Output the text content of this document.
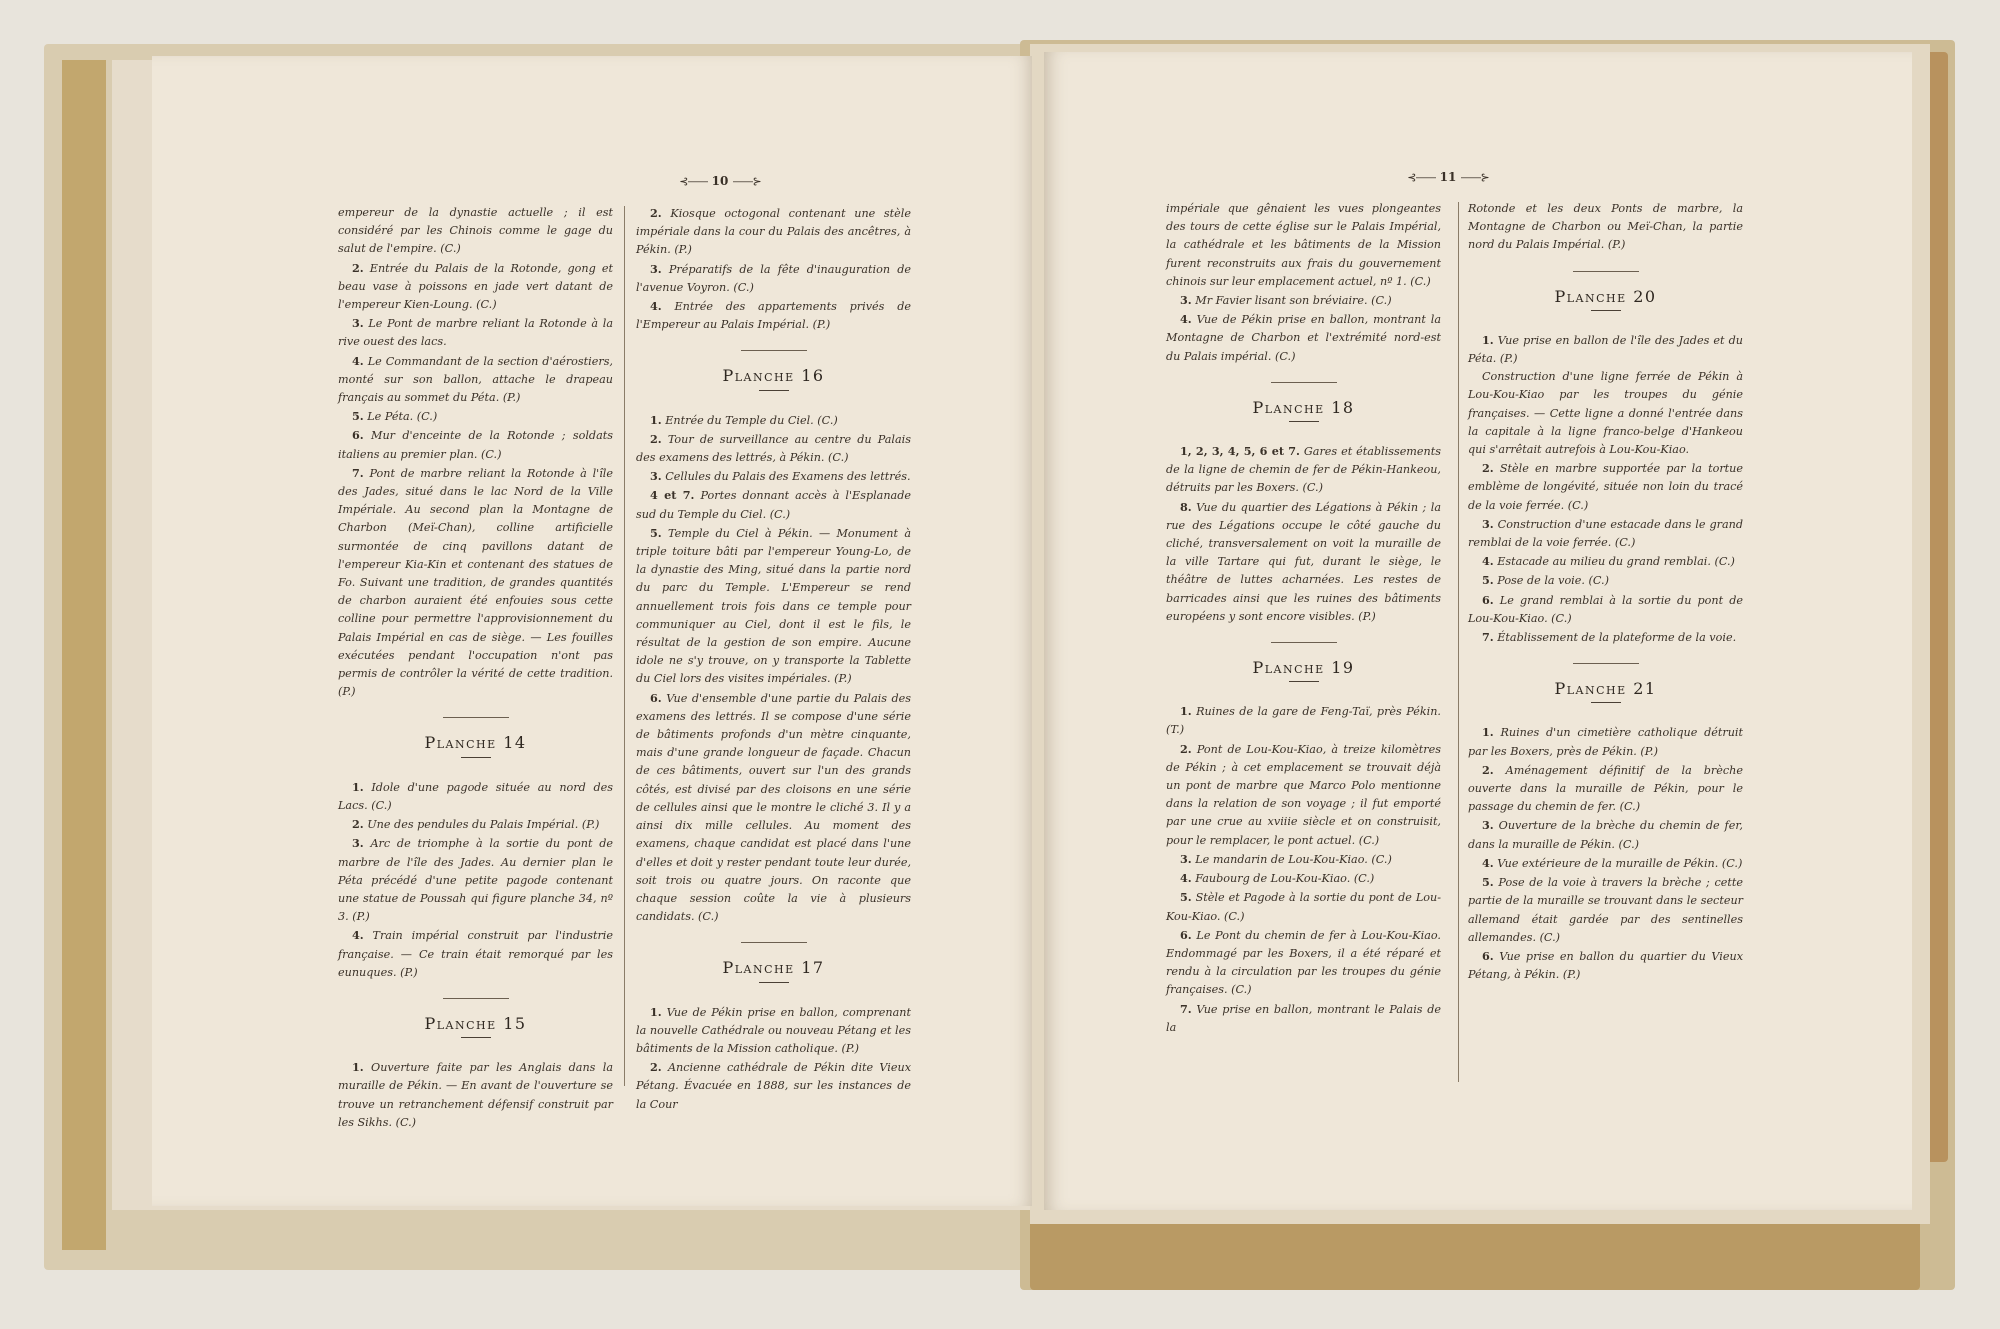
⊰—— 10 ——⊱

empereur de la dynastie actuelle ; il est considéré par les Chinois comme le gage du salut de l'empire. (C.)

2. Entrée du Palais de la Rotonde, gong et beau vase à poissons en jade vert datant de l'empereur Kien-Loung. (C.)

3. Le Pont de marbre reliant la Rotonde à la rive ouest des lacs.

4. Le Commandant de la section d'aérostiers, monté sur son ballon, attache le drapeau français au sommet du Péta. (P.)

5. Le Péta. (C.)

6. Mur d'enceinte de la Rotonde ; soldats italiens au premier plan. (C.)

7. Pont de marbre reliant la Rotonde à l'île des Jades, situé dans le lac Nord de la Ville Impériale. Au second plan la Montagne de Charbon (Meï-Chan), colline artificielle surmontée de cinq pavillons datant de l'empereur Kia-Kin et contenant des statues de Fo. Suivant une tradition, de grandes quantités de charbon auraient été enfouies sous cette colline pour permettre l'approvisionnement du Palais Impérial en cas de siège. — Les fouilles exécutées pendant l'occupation n'ont pas permis de contrôler la vérité de cette tradition. (P.)

Planche 14

1. Idole d'une pagode située au nord des Lacs. (C.)

2. Une des pendules du Palais Impérial. (P.)

3. Arc de triomphe à la sortie du pont de marbre de l'île des Jades. Au dernier plan le Péta précédé d'une petite pagode contenant une statue de Poussah qui figure planche 34, nº 3. (P.)

4. Train impérial construit par l'industrie française. — Ce train était remorqué par les eunuques. (P.)

Planche 15

1. Ouverture faite par les Anglais dans la muraille de Pékin. — En avant de l'ouverture se trouve un retranchement défensif construit par les Sikhs. (C.)

2. Kiosque octogonal contenant une stèle impériale dans la cour du Palais des ancêtres, à Pékin. (P.)

3. Préparatifs de la fête d'inauguration de l'avenue Voyron. (C.)

4. Entrée des appartements privés de l'Empereur au Palais Impérial. (P.)

Planche 16

1. Entrée du Temple du Ciel. (C.)

2. Tour de surveillance au centre du Palais des examens des lettrés, à Pékin. (C.)

3. Cellules du Palais des Examens des lettrés.

4 et 7. Portes donnant accès à l'Esplanade sud du Temple du Ciel. (C.)

5. Temple du Ciel à Pékin. — Monument à triple toiture bâti par l'empereur Young-Lo, de la dynastie des Ming, situé dans la partie nord du parc du Temple. L'Empereur se rend annuellement trois fois dans ce temple pour communiquer au Ciel, dont il est le fils, le résultat de la gestion de son empire. Aucune idole ne s'y trouve, on y transporte la Tablette du Ciel lors des visites impériales. (P.)

6. Vue d'ensemble d'une partie du Palais des examens des lettrés. Il se compose d'une série de bâtiments profonds d'un mètre cinquante, mais d'une grande longueur de façade. Chacun de ces bâtiments, ouvert sur l'un des grands côtés, est divisé par des cloisons en une série de cellules ainsi que le montre le cliché 3. Il y a ainsi dix mille cellules. Au moment des examens, chaque candidat est placé dans l'une d'elles et doit y rester pendant toute leur durée, soit trois ou quatre jours. On raconte que chaque session coûte la vie à plusieurs candidats. (C.)

Planche 17

1. Vue de Pékin prise en ballon, comprenant la nouvelle Cathédrale ou nouveau Pétang et les bâtiments de la Mission catholique. (P.)

2. Ancienne cathédrale de Pékin dite Vieux Pétang. Évacuée en 1888, sur les instances de la Cour

⊰—— 11 ——⊱

impériale que gênaient les vues plongeantes des tours de cette église sur le Palais Impérial, la cathédrale et les bâtiments de la Mission furent reconstruits aux frais du gouvernement chinois sur leur emplacement actuel, nº 1. (C.)

3. Mr Favier lisant son bréviaire. (C.)

4. Vue de Pékin prise en ballon, montrant la Montagne de Charbon et l'extrémité nord-est du Palais impérial. (C.)

Planche 18

1, 2, 3, 4, 5, 6 et 7. Gares et établissements de la ligne de chemin de fer de Pékin-Hankeou, détruits par les Boxers. (C.)

8. Vue du quartier des Légations à Pékin ; la rue des Légations occupe le côté gauche du cliché, transversalement on voit la muraille de la ville Tartare qui fut, durant le siège, le théâtre de luttes acharnées. Les restes de barricades ainsi que les ruines des bâtiments européens y sont encore visibles. (P.)

Planche 19

1. Ruines de la gare de Feng-Taï, près Pékin. (T.)

2. Pont de Lou-Kou-Kiao, à treize kilomètres de Pékin ; à cet emplacement se trouvait déjà un pont de marbre que Marco Polo mentionne dans la relation de son voyage ; il fut emporté par une crue au xviiie siècle et on construisit, pour le remplacer, le pont actuel. (C.)

3. Le mandarin de Lou-Kou-Kiao. (C.)

4. Faubourg de Lou-Kou-Kiao. (C.)

5. Stèle et Pagode à la sortie du pont de Lou-Kou-Kiao. (C.)

6. Le Pont du chemin de fer à Lou-Kou-Kiao. Endommagé par les Boxers, il a été réparé et rendu à la circulation par les troupes du génie françaises. (C.)

7. Vue prise en ballon, montrant le Palais de la

Rotonde et les deux Ponts de marbre, la Montagne de Charbon ou Meï-Chan, la partie nord du Palais Impérial. (P.)

Planche 20

1. Vue prise en ballon de l'île des Jades et du Péta. (P.)

Construction d'une ligne ferrée de Pékin à Lou-Kou-Kiao par les troupes du génie françaises. — Cette ligne a donné l'entrée dans la capitale à la ligne franco-belge d'Hankeou qui s'arrêtait autrefois à Lou-Kou-Kiao.

2. Stèle en marbre supportée par la tortue emblème de longévité, située non loin du tracé de la voie ferrée. (C.)

3. Construction d'une estacade dans le grand remblai de la voie ferrée. (C.)

4. Estacade au milieu du grand remblai. (C.)

5. Pose de la voie. (C.)

6. Le grand remblai à la sortie du pont de Lou-Kou-Kiao. (C.)

7. Établissement de la plateforme de la voie.

Planche 21

1. Ruines d'un cimetière catholique détruit par les Boxers, près de Pékin. (P.)

2. Aménagement définitif de la brèche ouverte dans la muraille de Pékin, pour le passage du chemin de fer. (C.)

3. Ouverture de la brèche du chemin de fer, dans la muraille de Pékin. (C.)

4. Vue extérieure de la muraille de Pékin. (C.)

5. Pose de la voie à travers la brèche ; cette partie de la muraille se trouvant dans le secteur allemand était gardée par des sentinelles allemandes. (C.)

6. Vue prise en ballon du quartier du Vieux Pétang, à Pékin. (P.)
